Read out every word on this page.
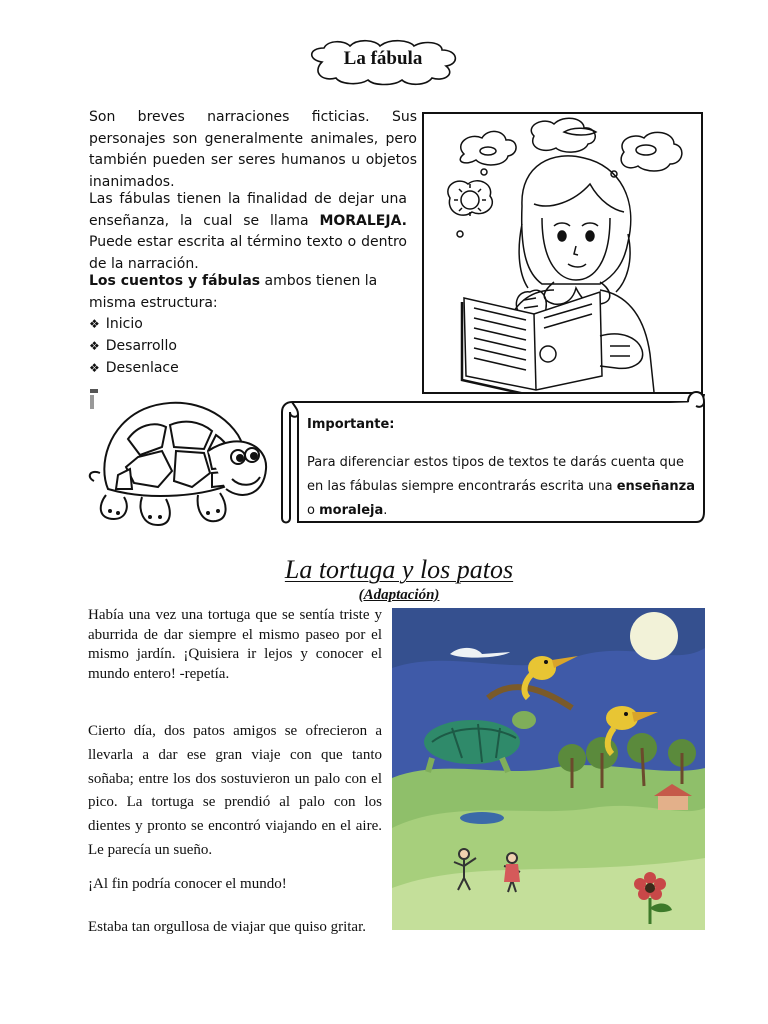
La fábula
Son breves narraciones ficticias. Sus personajes son generalmente animales, pero también pueden ser seres humanos u objetos inanimados.
Las fábulas tienen la finalidad de dejar una enseñanza, la cual se llama MORALEJA. Puede estar escrita al término texto o dentro de la narración.
Los cuentos y fábulas ambos tienen la misma estructura:
❖ Inicio
❖ Desarrollo
❖ Desenlace
Importante:
Para diferenciar estos tipos de textos te darás cuenta que en las fábulas siempre encontrarás escrita una enseñanza o moraleja.
La tortuga y los patos
(Adaptación)
Había una vez una tortuga que se sentía triste y aburrida de dar siempre el mismo paseo por el mismo jardín. ¡Quisiera ir lejos y conocer el mundo entero! -repetía.
Cierto día, dos patos amigos se ofrecieron a llevarla a dar ese gran viaje con que tanto soñaba; entre los dos sostuvieron un palo con el pico. La tortuga se prendió al palo con los dientes y pronto se encontró viajando en el aire. Le parecía un sueño.
¡Al fin podría conocer el mundo!
Estaba tan orgullosa de viajar que quiso gritar.
